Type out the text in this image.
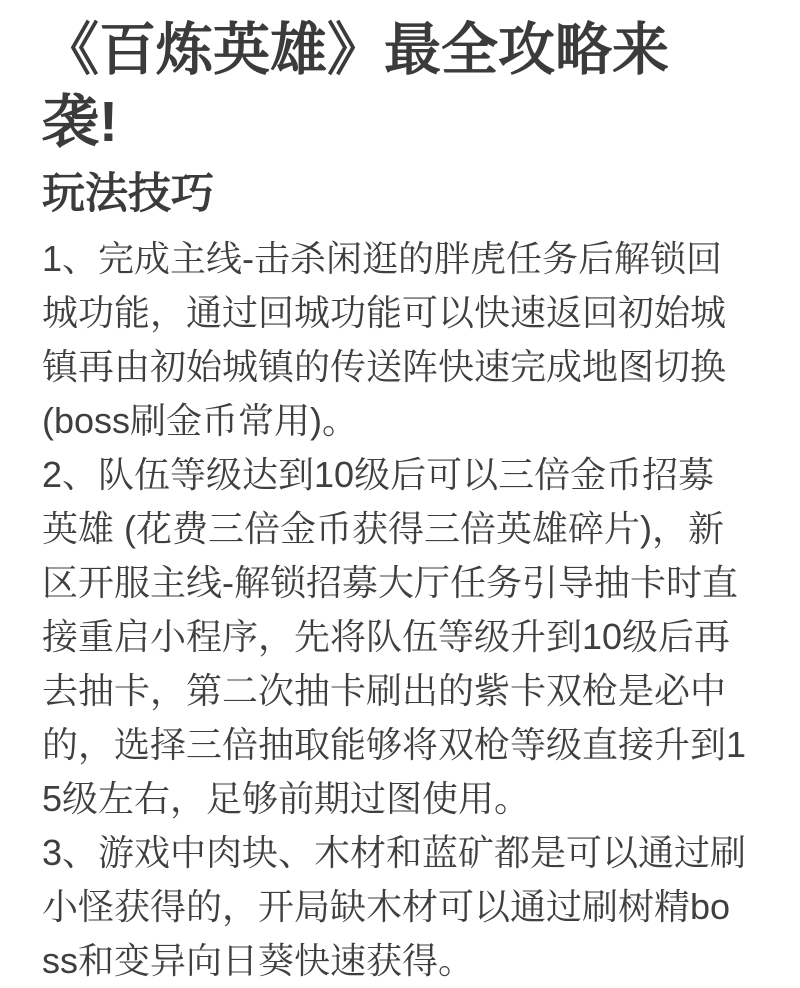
《百炼英雄》最全攻略来袭!
玩法技巧

1、完成主线-击杀闲逛的胖虎任务后解锁回城功能，通过回城功能可以快速返回初始城镇再由初始城镇的传送阵快速完成地图切换(boss刷金币常用)。

2、队伍等级达到10级后可以三倍金币招募英雄 (花费三倍金币获得三倍英雄碎片)，新区开服主线-解锁招募大厅任务引导抽卡时直接重启小程序，先将队伍等级升到10级后再去抽卡，第二次抽卡刷出的紫卡双枪是必中的，选择三倍抽取能够将双枪等级直接升到15级左右，足够前期过图使用。

3、游戏中肉块、木材和蓝矿都是可以通过刷小怪获得的，开局缺木材可以通过刷树精boss和变异向日葵快速获得。
